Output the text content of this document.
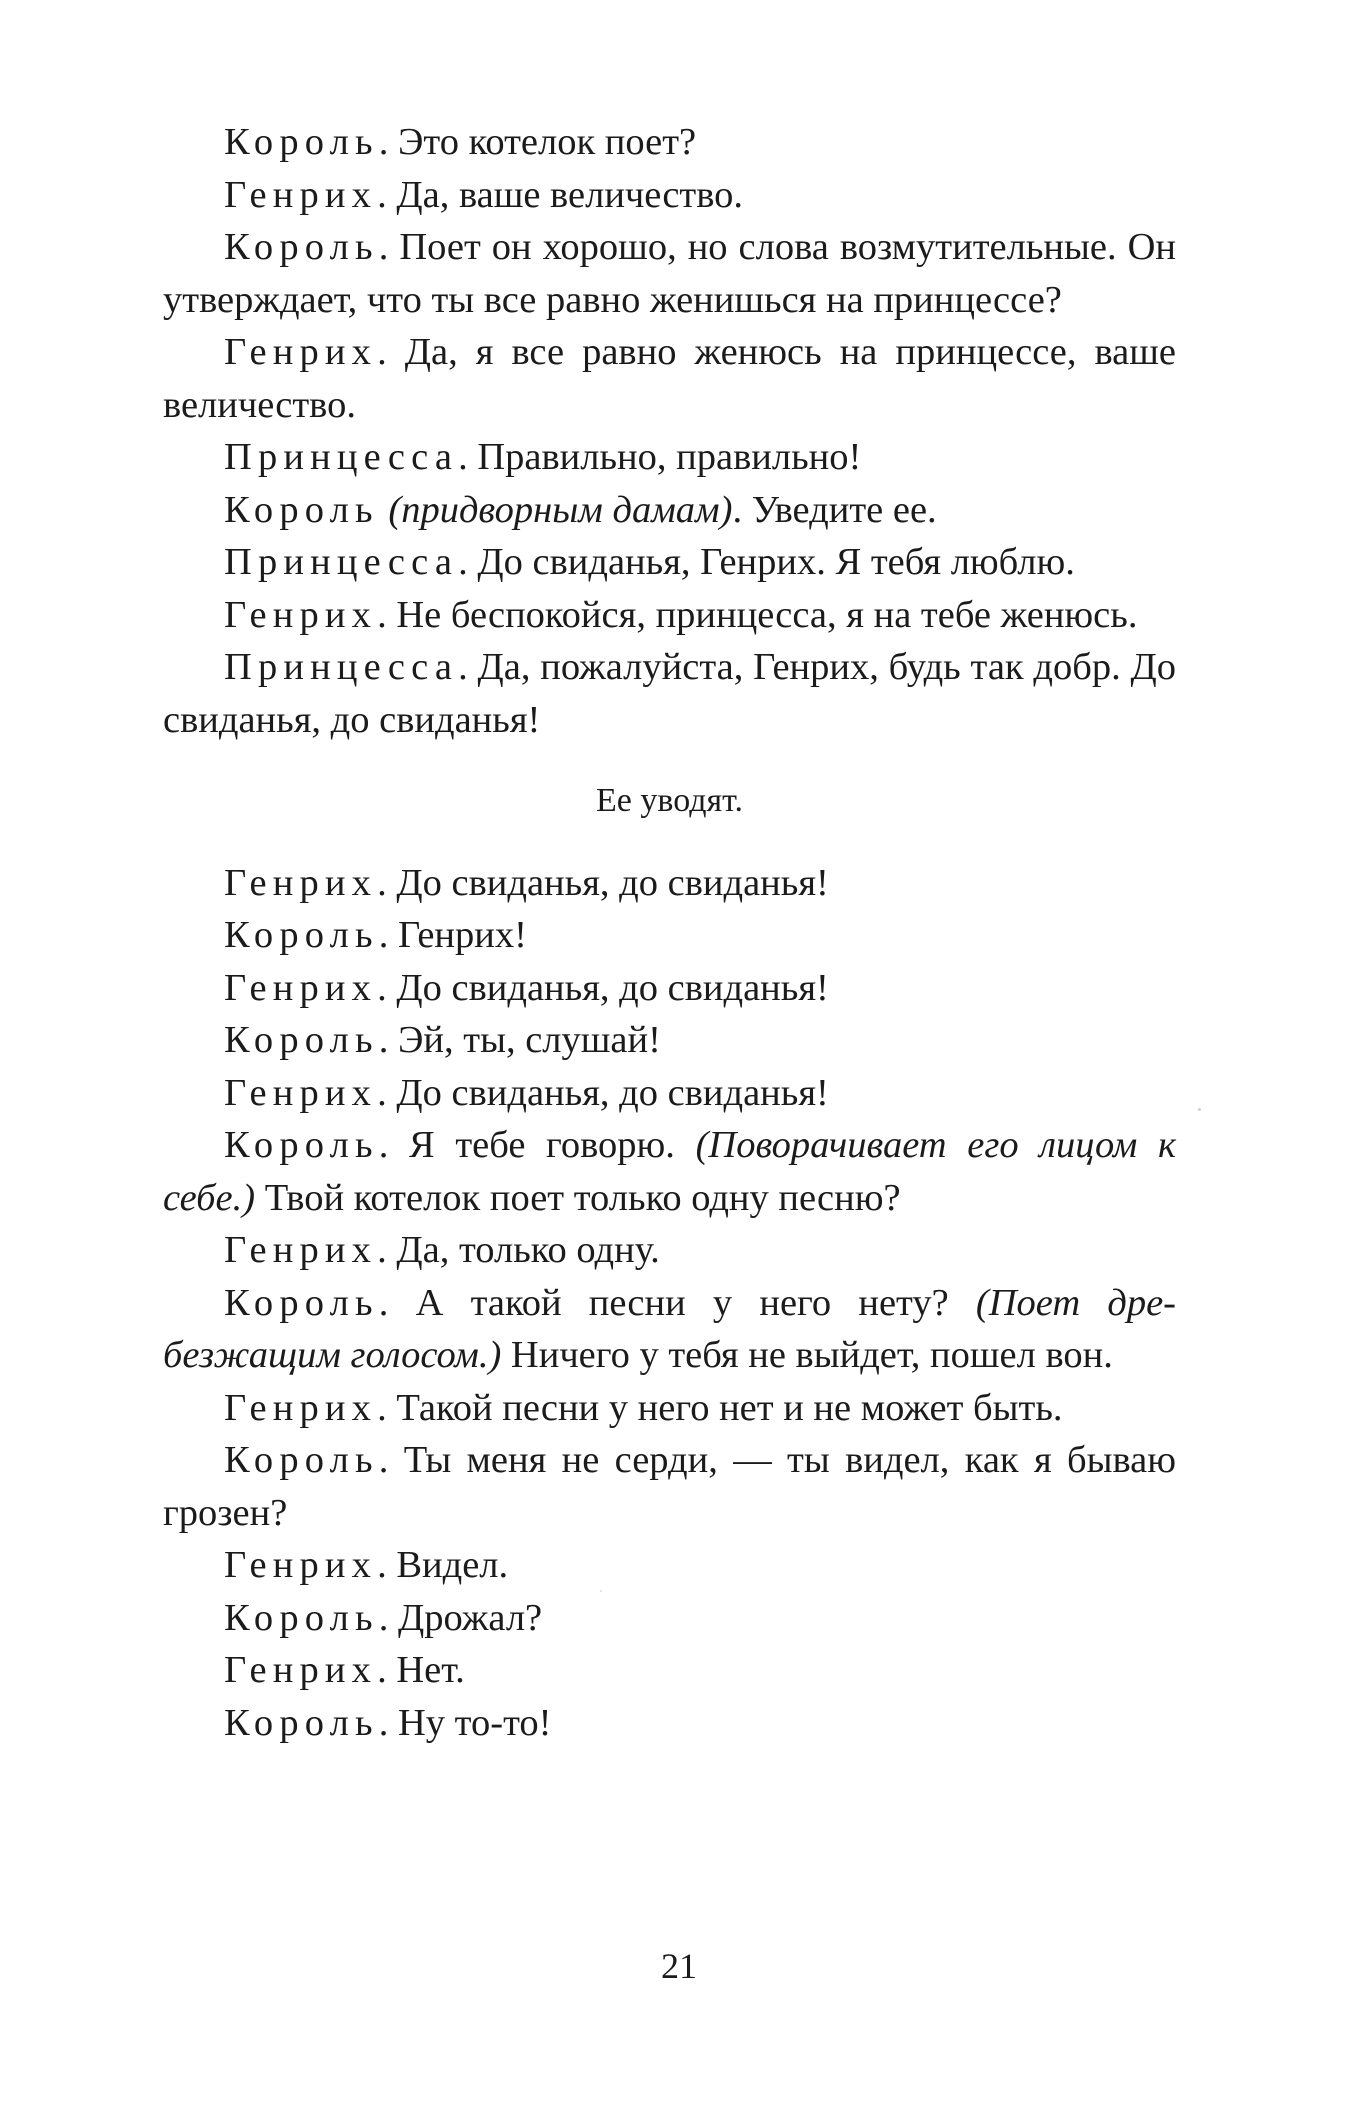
Король. Это котелок поет?

Генрих. Да, ваше величество.

Король. Поет он хорошо, но слова возмутительные. Он утверждает, что ты все равно женишься на принцессе?

Генрих. Да, я все равно женюсь на принцессе, ваше величество.

Принцесса. Правильно, правильно!

Король (придворным дамам). Уведите ее.

Принцесса. До свиданья, Генрих. Я тебя люблю.

Генрих. Не беспокойся, принцесса, я на тебе женюсь.

Принцесса. Да, пожалуйста, Генрих, будь так добр. До свиданья, до свиданья!

Ее уводят.

Генрих. До свиданья, до свиданья!

Король. Генрих!

Генрих. До свиданья, до свиданья!

Король. Эй, ты, слушай!

Генрих. До свиданья, до свиданья!

Король. Я тебе говорю. (Поворачивает его лицом к себе.) Твой котелок поет только одну песню?

Генрих. Да, только одну.

Король. А такой песни у него нету? (Поет дребезжащим голосом.) Ничего у тебя не выйдет, пошел вон.

Генрих. Такой песни у него нет и не может быть.

Король. Ты меня не серди, — ты видел, как я бываю грозен?

Генрих. Видел.

Король. Дрожал?

Генрих. Нет.

Король. Ну то-то!

21
